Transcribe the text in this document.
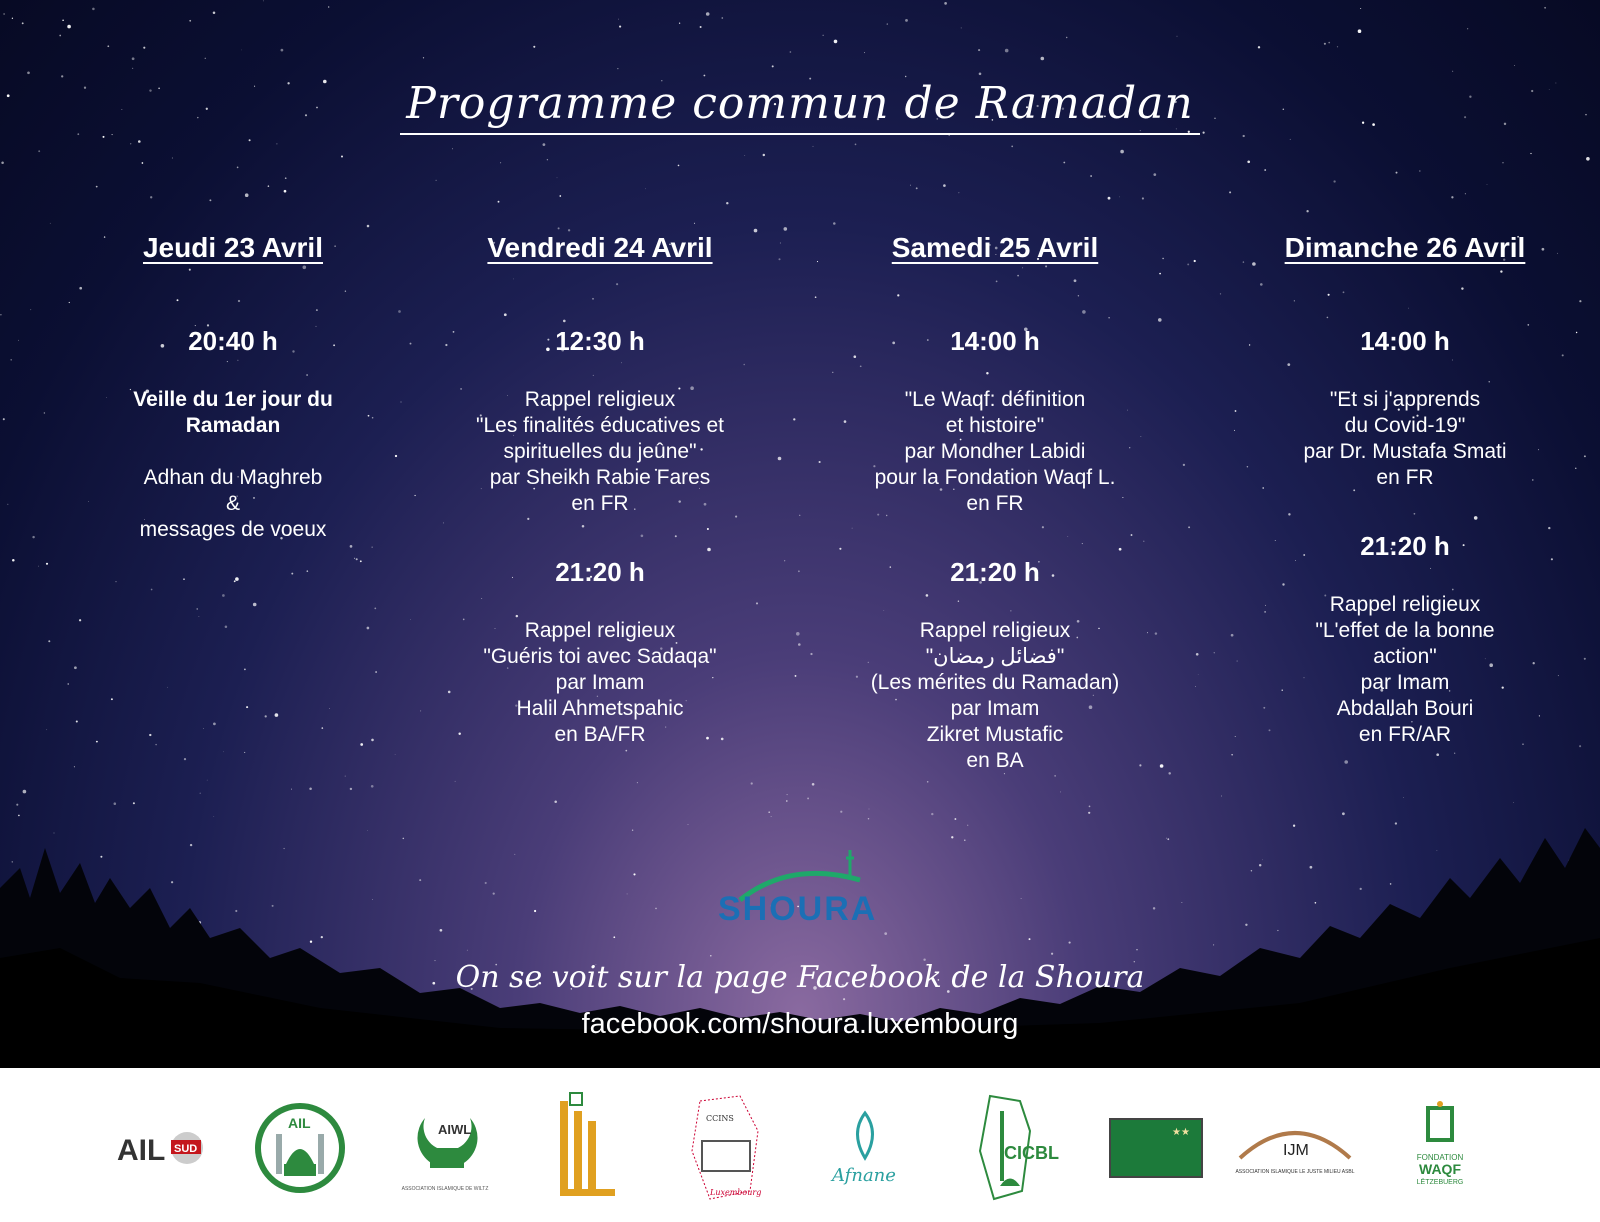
Programme commun de Ramadan
Jeudi 23 Avril
20:40 h
Veille du 1er jour du
Ramadan
Adhan du Maghreb
&
messages de voeux
Vendredi 24 Avril
12:30 h
Rappel religieux
"Les finalités éducatives et
spirituelles du jeûne"
par Sheikh Rabie Fares
en FR
21:20 h
Rappel religieux
"Guéris toi avec Sadaqa"
par Imam
Halil Ahmetspahic
en BA/FR
Samedi 25 Avril
14:00 h
"Le Waqf: définition
et histoire"
par Mondher Labidi
pour la Fondation Waqf L.
en FR
21:20 h
Rappel religieux
"فضائل رمضان"
(Les mérites du Ramadan)
par Imam
Zikret Mustafic
en BA
Dimanche 26 Avril
14:00 h
"Et si j'apprends
du Covid-19"
par Dr. Mustafa Smati
en FR
21:20 h
Rappel religieux
"L'effet de la bonne
action"
par Imam
Abdallah Bouri
en FR/AR
SHOURA
On se voit sur la page Facebook de la Shoura
facebook.com/shoura.luxembourg
AIL SUD
AIL	AIWL
ASSOCIATION ISLAMIQUE DE WILTZ
CCINS
Luxembourg
Afnane
CICBL
★★
IJM
ASSOCIATION ISLAMIQUE LE JUSTE MILIEU ASBL
FONDATION
WAQF
LËTZEBUERG
